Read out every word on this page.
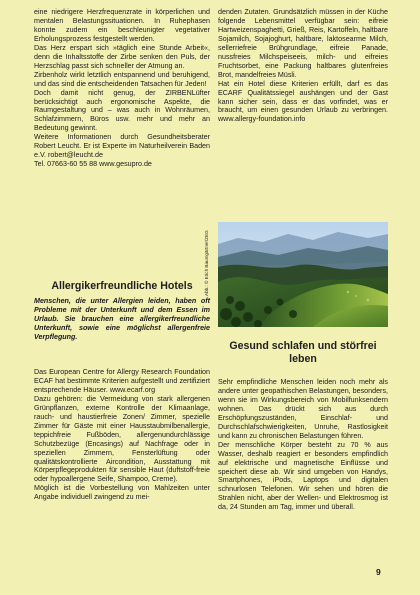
eine niedrigere Herzfrequenzrate in körperlichen und mentalen Belastungssituationen. In Ruhephasen konnte zudem ein beschleunigter vegetativer Erholungsprozess festgestellt werden.

Das Herz erspart sich »täglich eine Stunde Arbeit«, denn die Inhaltsstoffe der Zirbe senken den Puls, der Herzschlag passt sich schneller der Atmung an.

Zirbenholz wirkt letztlich entspannend und beruhigend, und das sind die entscheidenden Tatsachen für Jeden!

Doch damit nicht genug, der ZIRBENLüfter berücksichtigt auch ergonomische Aspekte, die Raumgestaltung und – was auch in Wohnräumen, Schlafzimmern, Büros usw. mehr und mehr an Bedeutung gewinnt.

Weitere Informationen durch Gesundheitsberater Robert Leucht. Er ist Experte im Naturheilverein Baden e.V. robert@leucht.de

Tel. 07663-60 55 88 www.gesupro.de

denden Zutaten. Grundsätzlich müssen in der Küche folgende Lebensmittel verfügbar sein: eifreie Hartweizenspaghetti, Grieß, Reis, Kartoffeln, haltbare Sojamilch, Sojajoghurt, haltbare, laktosearme Milch, sellerriefreie Brühgrundlage, eifreie Panade, nussfreies Milchspeiseeis, milch- und eifreies Fruchtsorbet, eine Packung haltbares glutenfreies Brot, mandelfreies Müsli.

Hat ein Hotel diese Kriterien erfüllt, darf es das ECARF Qualitätssiegel aushängen und der Gast kann sicher sein, dass er das vorfindet, was er braucht, um einen gesunden Urlaub zu verbringen. www.allergy-foundation.info

Abb.: © Erich Baumgärtner/ZEG
Allergikerfreundliche Hotels
Menschen, die unter Allergien leiden, haben oft Probleme mit der Unterkunft und dem Essen im Urlaub. Sie brauchen eine allergikerfreundliche Unterkunft, sowie eine möglichst allergenfreie Verpflegung.

Das European Centre for Allergy Research Foundation ECAF hat bestimmte Kriterien aufgestellt und zertifiziert entsprechende Häuser. www.ecarf.org

Dazu gehören: die Vermeidung von stark allergenen Grünpflanzen, externe Kontrolle der Klimaanlage, rauch- und haustierfreie Zonen/ Zimmer, spezielle Zimmer für Gäste mit einer Hausstaubmilbenallergie, teppichfreie Fußböden, allergenundurchlässige Schutzbezüge (Encasings) auf Nachfrage oder in speziellen Zimmern, Fensterlüftung oder qualitätskontrollierte Aircondition, Ausstattung mit Körperpflegeprodukten für sensible Haut (duftstoff-freie oder hypoallergene Seife, Shampoo, Creme).

Möglich ist die Vorbestellung von Mahlzeiten unter Angabe individuell zwingend zu mei-

Gesund schlafen und störfrei leben

Sehr empfindliche Menschen leiden noch mehr als andere unter geopathischen Belastungen, besonders, wenn sie im Wirkungsbereich von Mobilfunksendern wohnen. Das drückt sich aus durch Erschöpfungszuständen, Einschlaf- und Durchschlafschwierigkeiten, Unruhe, Rastlosigkeit und kann zu chronischen Belastungen führen.

Der menschliche Körper besteht zu 70 % aus Wasser, deshalb reagiert er besonders empfindlich auf elektrische und magnetische Einflüsse und speichert diese ab. Wir sind umgeben von Handys, Smartphones, iPods, Laptops und digitalen schnurlosen Telefonen. Wir sehen und hören die Strahlen nicht, aber der Wellen- und Elektrosmog ist da, 24 Stunden am Tag, immer und überall.

9
